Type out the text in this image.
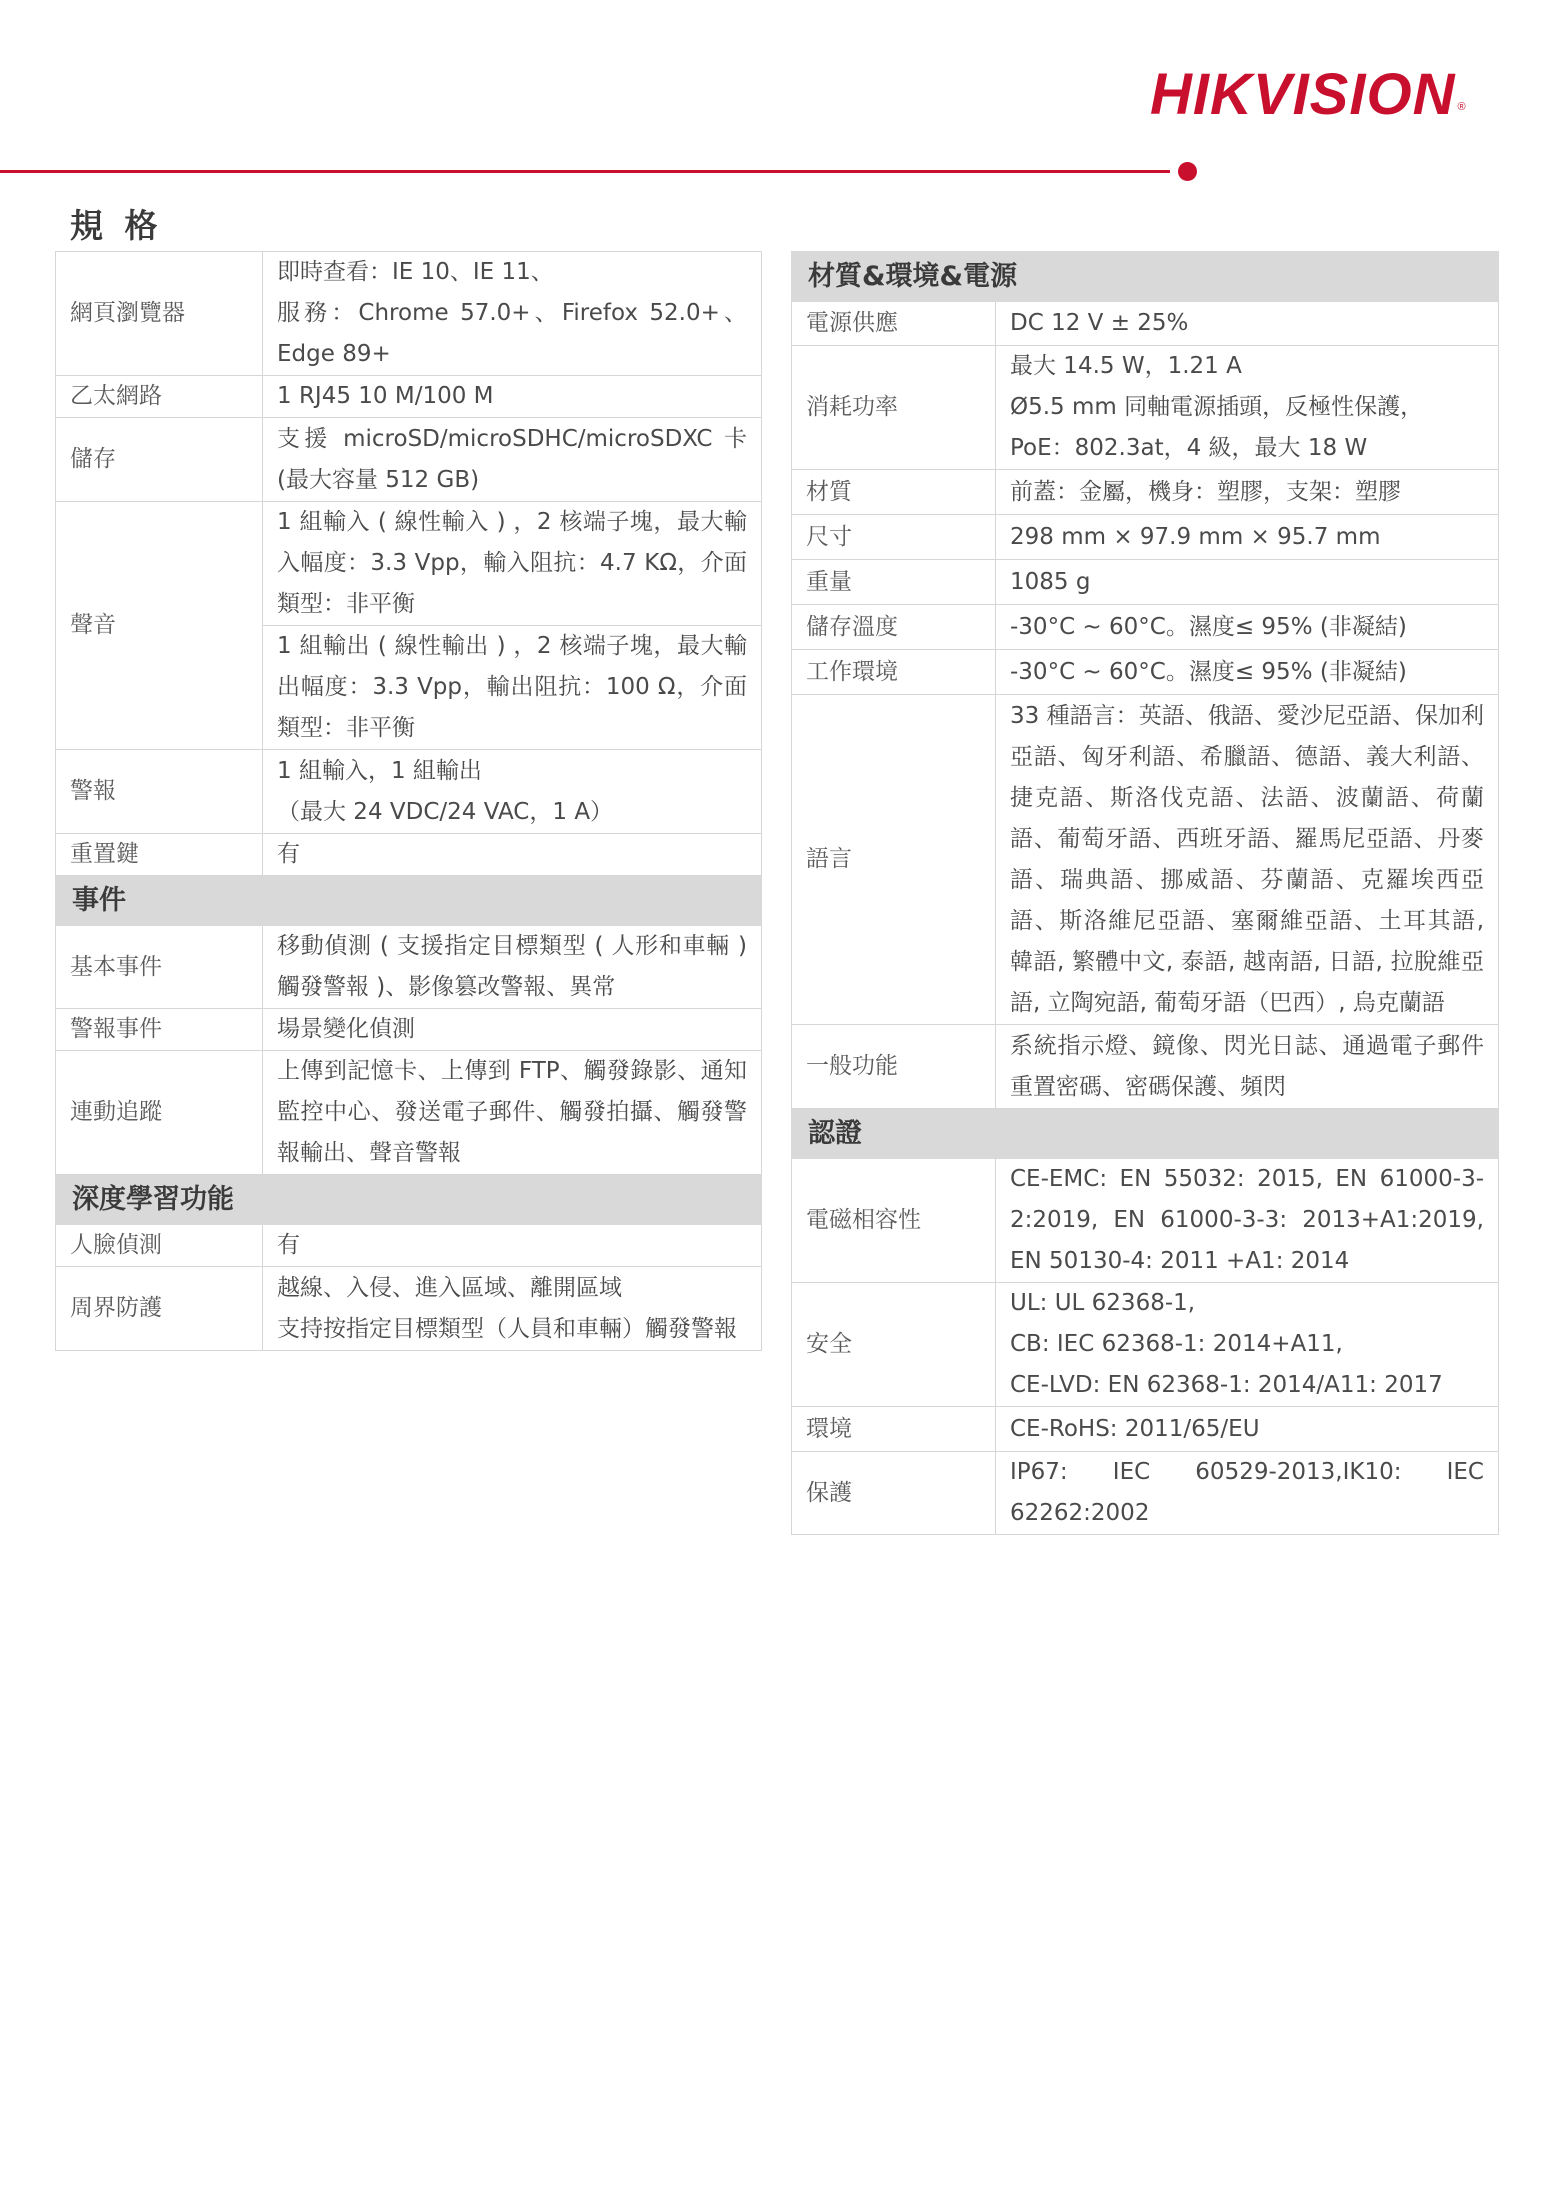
HIKVISION ®
規 格
網頁瀏覽器	即時查看：IE 10、IE 11、
服務：Chrome 57.0+、Firefox 52.0+、Edge 89+

乙太網路	1 RJ45 10 M/100 M
儲存	支援 microSD/microSDHC/microSDXC 卡 (最大容量 512 GB)
聲音	1 組輸入 ( 線性輸入 ) ，2 核端子塊，最大輸入幅度：3.3 Vpp，輸入阻抗：4.7 KΩ，介面類型：非平衡
	1 組輸出 ( 線性輸出 ) ，2 核端子塊，最大輸出幅度：3.3 Vpp，輸出阻抗：100 Ω，介面類型：非平衡
警報	1 組輸入，1 組輸出
（最大 24 VDC/24 VAC，1 A）

重置鍵	有
事件	
基本事件	移動偵測 ( 支援指定目標類型 ( 人形和車輛 ) 觸發警報 )、影像篡改警報、異常
警報事件	場景變化偵測
連動追蹤	上傳到記憶卡、上傳到 FTP、觸發錄影、通知監控中心、發送電子郵件、觸發拍攝、觸發警報輸出、聲音警報
深度學習功能	
人臉偵測	有
周界防護	越線、入侵、進入區域、離開區域
支持按指定目標類型（人員和車輛）觸發警報
材質&環境&電源	
電源供應	DC 12 V ± 25%
消耗功率	最大 14.5 W，1.21 A
Ø5.5 mm 同軸電源插頭，反極性保護，
PoE：802.3at，4 級，最大 18 W

材質	前蓋：金屬，機身：塑膠，支架：塑膠
尺寸	298 mm × 97.9 mm × 95.7 mm
重量	1085 g
儲存溫度	-30°C ~ 60°C。濕度≤ 95% (非凝結)
工作環境	-30°C ~ 60°C。濕度≤ 95% (非凝結)
語言	33 種語言：英語、俄語、愛沙尼亞語、保加利亞語、匈牙利語、希臘語、德語、義大利語、捷克語、斯洛伐克語、法語、波蘭語、荷蘭語、葡萄牙語、西班牙語、羅馬尼亞語、丹麥語、瑞典語、挪威語、芬蘭語、克羅埃西亞語、斯洛維尼亞語、塞爾維亞語、土耳其語, 韓語, 繁體中文, 泰語, 越南語, 日語, 拉脫維亞語, 立陶宛語, 葡萄牙語（巴西）, 烏克蘭語
一般功能	系統指示燈、鏡像、閃光日誌、通過電子郵件重置密碼、密碼保護、頻閃
認證	
電磁相容性	CE-EMC: EN 55032: 2015, EN 61000-3-2:2019, EN 61000-3-3: 2013+A1:2019, EN 50130-4: 2011 +A1: 2014
安全	UL: UL 62368-1,
CB: IEC 62368-1: 2014+A11,
CE-LVD: EN 62368-1: 2014/A11: 2017

環境	CE-RoHS: 2011/65/EU
保護	IP67: IEC 60529-2013,IK10: IEC 62262:2002
